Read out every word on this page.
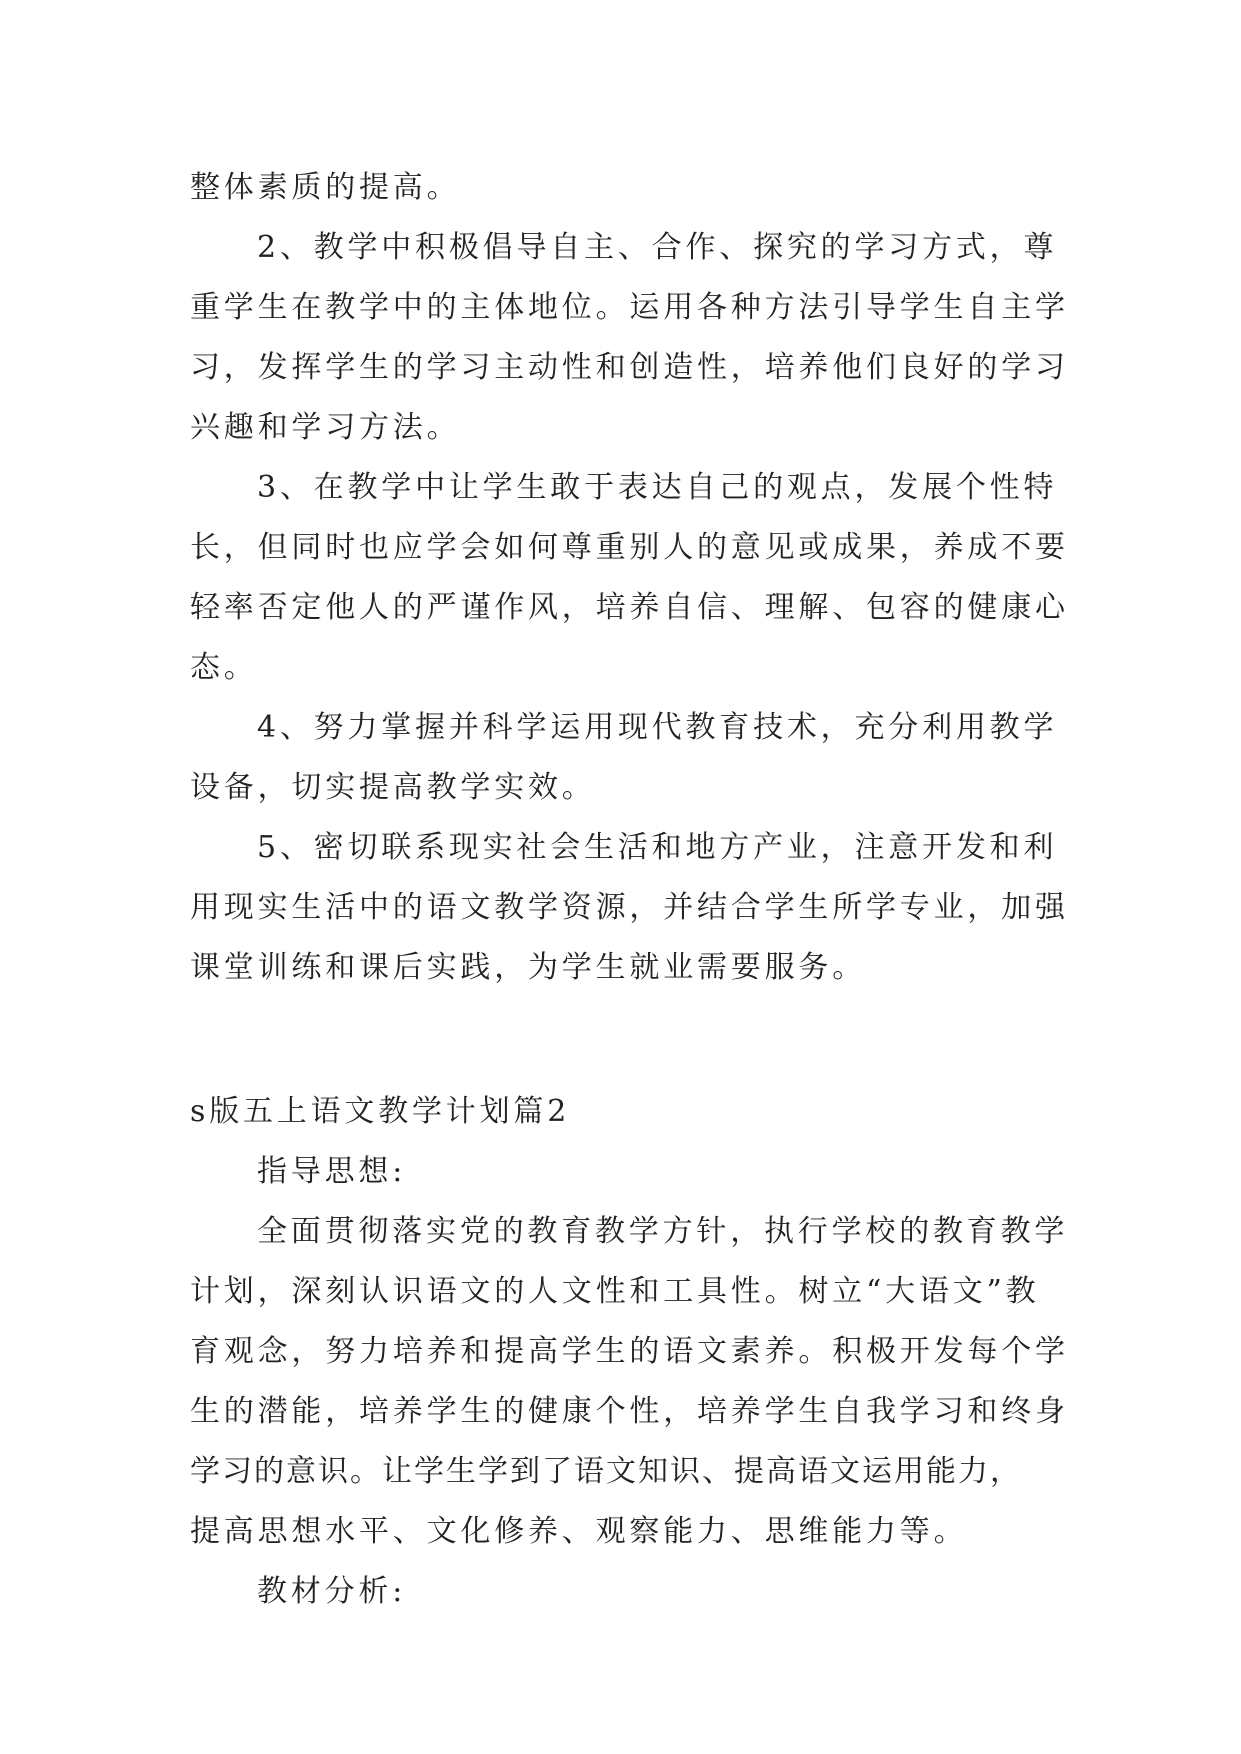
整体素质的提高。
2、教学中积极倡导自主、合作、探究的学习方式，尊
重学生在教学中的主体地位。运用各种方法引导学生自主学
习，发挥学生的学习主动性和创造性，培养他们良好的学习
兴趣和学习方法。
3、在教学中让学生敢于表达自己的观点，发展个性特
长，但同时也应学会如何尊重别人的意见或成果，养成不要
轻率否定他人的严谨作风，培养自信、理解、包容的健康心
态。
4、努力掌握并科学运用现代教育技术，充分利用教学
设备，切实提高教学实效。
5、密切联系现实社会生活和地方产业，注意开发和利
用现实生活中的语文教学资源，并结合学生所学专业，加强
课堂训练和课后实践，为学生就业需要服务。
s版五上语文教学计划篇2
指导思想:
全面贯彻落实党的教育教学方针，执行学校的教育教学
计划，深刻认识语文的人文性和工具性。树立“大语文”教
育观念，努力培养和提高学生的语文素养。积极开发每个学
生的潜能，培养学生的健康个性，培养学生自我学习和终身
学习的意识。让学生学到了语文知识、提高语文运用能力，
提高思想水平、文化修养、观察能力、思维能力等。
教材分析:
